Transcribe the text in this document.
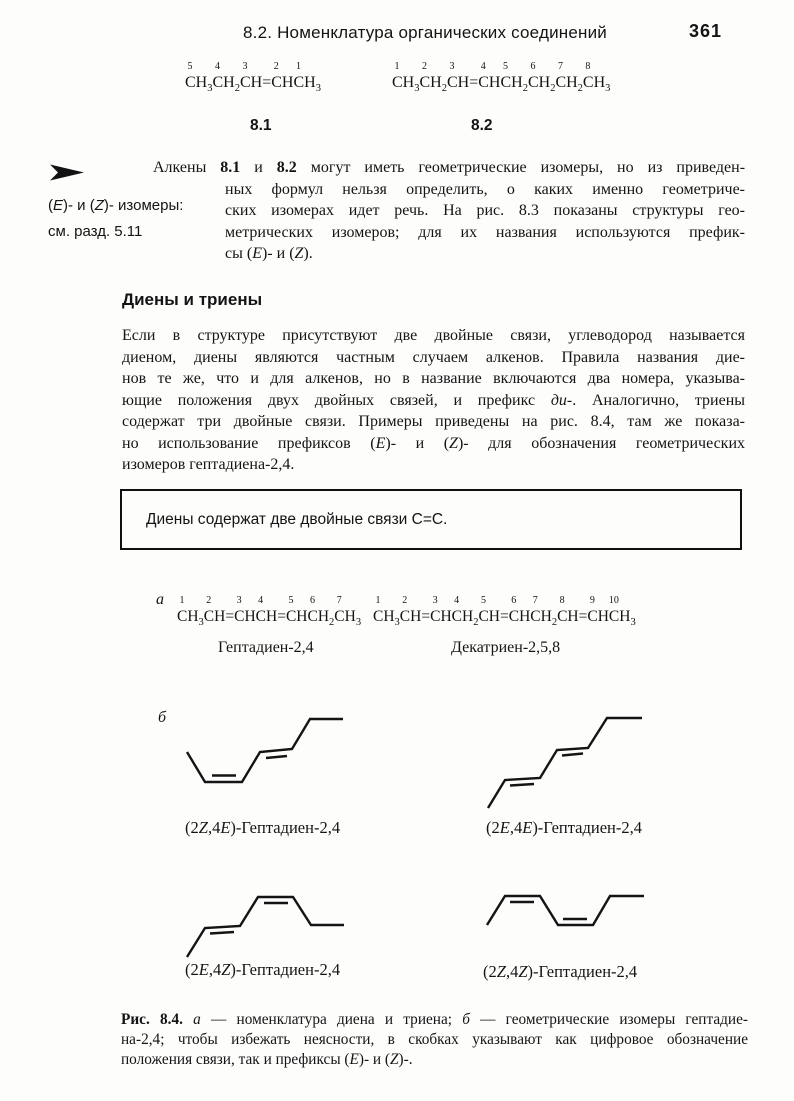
8.2. Номенклатура органических соединений	361
5
$CH_3$
4
$CH_2$
3
CH=
2
CH
1
$CH_3$
1
$CH_3$
2
$CH_2$
3
CH=
4
CH
5
$CH_2$
6
$CH_2$
7
$CH_2$
8
$CH_3$
8.1	8.2
(E)- и (Z)- изомеры:
см. разд. 5.11
Алкены 8.1 и 8.2 могут иметь геометрические изомеры, но из приведен-
ных формул нельзя определить, о каких именно геометриче-
ских изомерах идет речь. На рис. 8.3 показаны структуры гео-
метрических изомеров; для их названия используются префик-
сы (E)- и (Z).
Диены и триены
Если в структуре присутствуют две двойные связи, углеводород называется
диеном, диены являются частным случаем алкенов. Правила названия дие-
нов те же, что и для алкенов, но в название включаются два номера, указыва-
ющие положения двух двойных связей, и префикс ди-. Аналогично, триены
содержат три двойные связи. Примеры приведены на рис. 8.4, там же показа-
но использование префиксов (E)- и (Z)- для обозначения геометрических
изомеров гептадиена-2,4.
Диены содержат две двойные связи С=С.
а 1
$CH_3$
2
CH=
3
CH
4
CH=
5
CH
6
$CH_2$
7
$CH_3$
Гептадиен-2,4
1
$CH_3$
2
CH=
3
CH
4
$CH_2$
5
CH=
6
CH
7
$CH_2$
8
CH=
9
CH
10
$CH_3$
Декатриен-2,5,8
б
(2Z,4E)-Гептадиен-2,4	(2E,4E)-Гептадиен-2,4
(2E,4Z)-Гептадиен-2,4	(2Z,4Z)-Гептадиен-2,4
Рис. 8.4. а — номенклатура диена и триена; б — геометрические изомеры гептадие-
на-2,4; чтобы избежать неясности, в скобках указывают как цифровое обозначение
положения связи, так и префиксы (Е)- и (Z)-.
